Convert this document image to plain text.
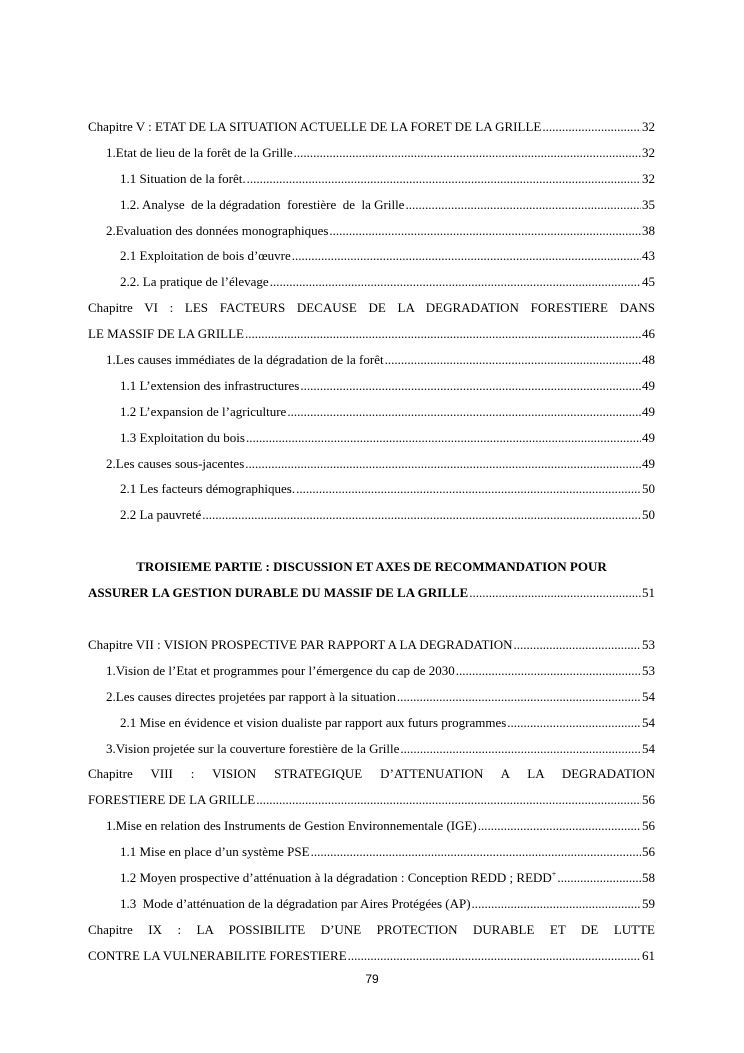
Chapitre V : ETAT DE LA SITUATION ACTUELLE DE LA FORET DE LA GRILLE .....	32
1. Etat de lieu de la forêt de la Grille .....	32
1.1 Situation de la forêt. .....	32
1.2. Analyse  de la dégradation  forestière  de  la Grille .....	35
2. Evaluation des données monographiques .....	38
2.1 Exploitation de bois d’œuvre .....	43
2.2. La pratique de l’élevage .....	45
Chapitre VI : LES FACTEURS DECAUSE DE LA DEGRADATION FORESTIERE DANS
LE MASSIF DE LA GRILLE .....	46
1. Les causes immédiates de la dégradation de la forêt .....	48
1.1 L’extension des infrastructures .....	49
1.2 L’expansion de l’agriculture .....	49
1.3 Exploitation du bois .....	49
2. Les causes sous-jacentes .....	49
2.1 Les facteurs démographiques. .....	50
2.2 La pauvreté .....	50
TROISIEME PARTIE : DISCUSSION ET AXES DE RECOMMANDATION POUR
ASSURER LA GESTION DURABLE DU MASSIF DE LA GRILLE .....	51
Chapitre VII : VISION PROSPECTIVE PAR RAPPORT A LA DEGRADATION .....	53
1. Vision de l’Etat et programmes pour l’émergence du cap de 2030 .....	53
2. Les causes directes projetées par rapport à la situation .....	54
2.1 Mise en évidence et vision dualiste par rapport aux futurs programmes .....	54
3. Vision projetée sur la couverture forestière de la Grille .....	54
Chapitre VIII : VISION STRATEGIQUE D’ATTENUATION A LA DEGRADATION
FORESTIERE DE LA GRILLE .....	56
1. Mise en relation des Instruments de Gestion Environnementale (IGE) .....	56
1.1 Mise en place d’un système PSE .....	56
1.2 Moyen prospective d’atténuation à la dégradation : Conception REDD ; REDD+ .....	58
1.3  Mode d’atténuation de la dégradation par Aires Protégées (AP) .....	59
Chapitre IX : LA POSSIBILITE D’UNE PROTECTION DURABLE ET DE LUTTE
CONTRE LA VULNERABILITE FORESTIERE .....	61
79
